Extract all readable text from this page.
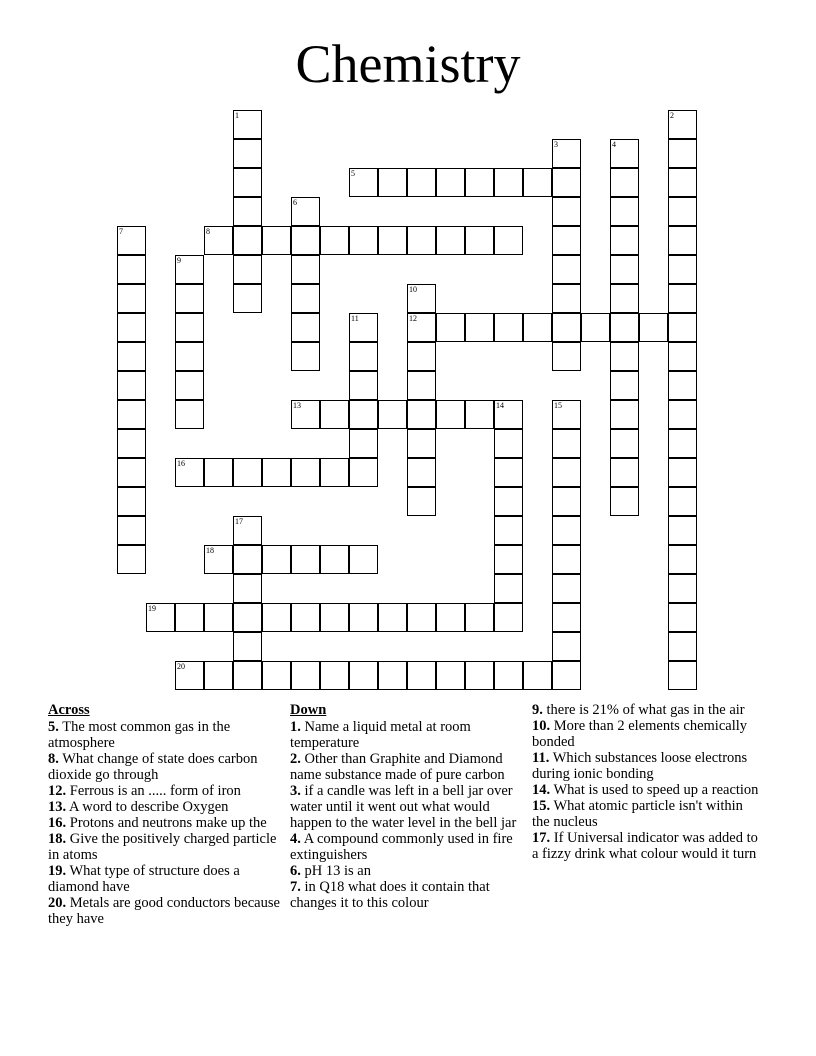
Chemistry
1	2
3	4
5
6
7	8
9
10
12
11
13	14	15
16
17
18
19
20
Across
5. The most common gas in the atmosphere
8. What change of state does carbon dioxide go through
12. Ferrous is an ..... form of iron
13. A word to describe Oxygen
16. Protons and neutrons make up the
18. Give the positively charged particle in atoms
19. What type of structure does a diamond have
20. Metals are good conductors because they have
Down
1. Name a liquid metal at room temperature
2. Other than Graphite and Diamond name substance made of pure carbon
3. if a candle was left in a bell jar over water until it went out what would happen to the water level in the bell jar
4. A compound commonly used in fire extinguishers
6. pH 13 is an
7. in Q18 what does it contain that changes it to this colour
9. there is 21% of what gas in the air
10. More than 2 elements chemically bonded
11. Which substances loose electrons during ionic bonding
14. What is used to speed up a reaction
15. What atomic particle isn't within the nucleus
17. If Universal indicator was added to a fizzy drink what colour would it turn
